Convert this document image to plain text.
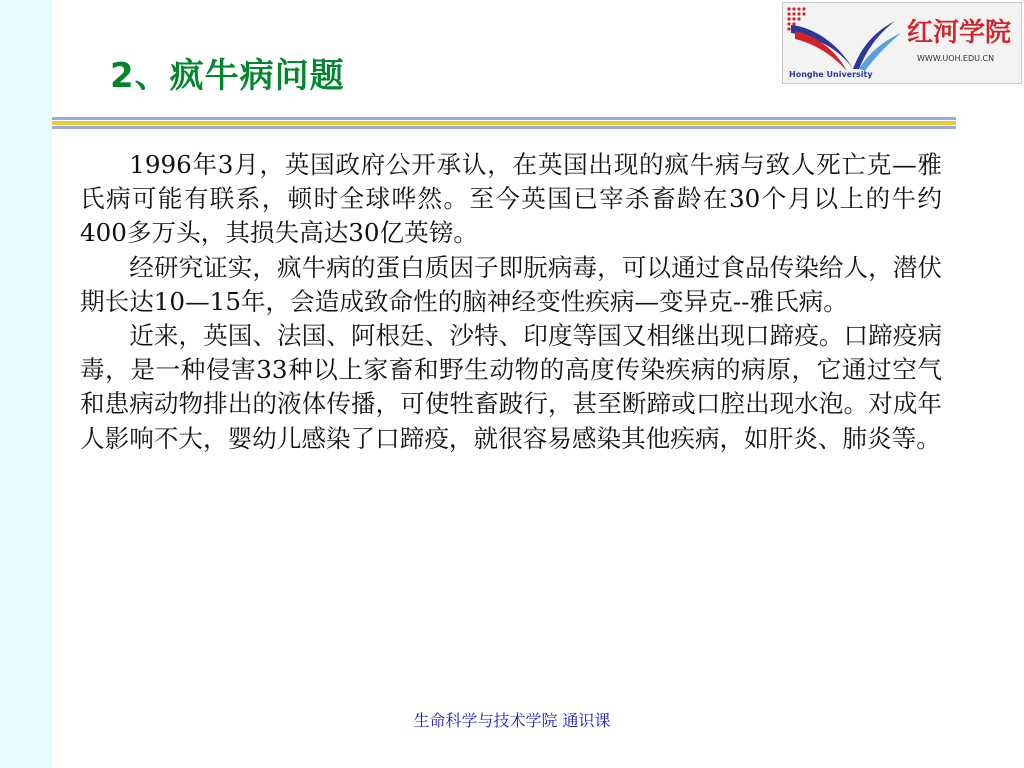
2、疯牛病问题
红河学院
WWW.UOH.EDU.CN
Honghe University

1996年3月，英国政府公开承认，在英国出现的疯牛病与致人死亡克—雅氏病可能有联系，顿时全球哗然。至今英国已宰杀畜龄在30个月以上的牛约400多万头，其损失高达30亿英镑。

经研究证实，疯牛病的蛋白质因子即朊病毒，可以通过食品传染给人，潜伏期长达10—15年，会造成致命性的脑神经变性疾病—变异克--雅氏病。

近来，英国、法国、阿根廷、沙特、印度等国又相继出现口蹄疫。口蹄疫病毒，是一种侵害33种以上家畜和野生动物的高度传染疾病的病原，它通过空气和患病动物排出的液体传播，可使牲畜跛行，甚至断蹄或口腔出现水泡。对成年人影响不大，婴幼儿感染了口蹄疫，就很容易感染其他疾病，如肝炎、肺炎等。

生命科学与技术学院 通识课
